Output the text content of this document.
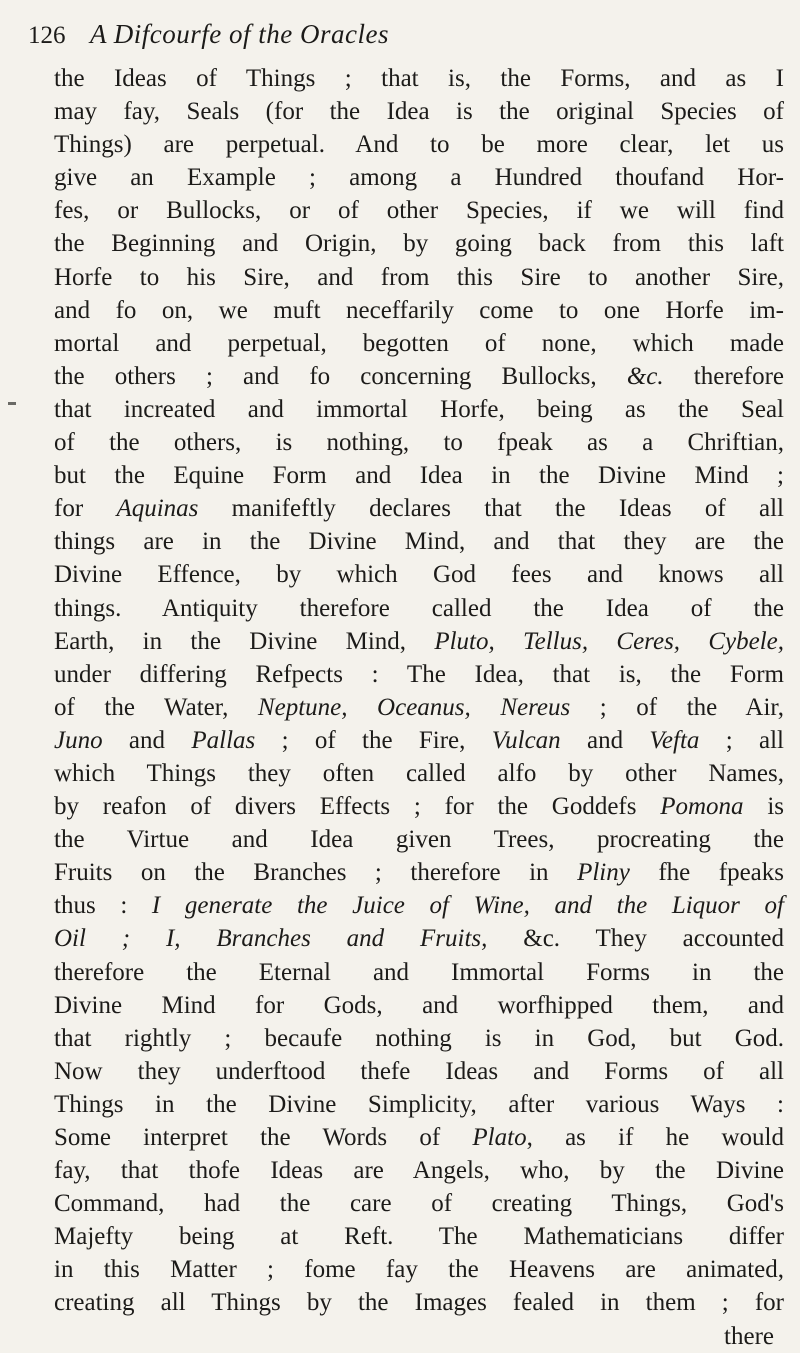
126 A Difcourfe of the Oracles
the Ideas of Things ; that is, the Forms, and as I
may fay, Seals (for the Idea is the original Species of
Things) are perpetual. And to be more clear, let us
give an Example ; among a Hundred thoufand Hor-
fes, or Bullocks, or of other Species, if we will find
the Beginning and Origin, by going back from this laft
Horfe to his Sire, and from this Sire to another Sire,
and fo on, we muft neceffarily come to one Horfe im-
mortal and perpetual, begotten of none, which made
the others ; and fo concerning Bullocks, &c. therefore
that increated and immortal Horfe, being as the Seal
of the others, is nothing, to fpeak as a Chriftian,
but the Equine Form and Idea in the Divine Mind ;
for Aquinas manifeftly declares that the Ideas of all
things are in the Divine Mind, and that they are the
Divine Effence, by which God fees and knows all
things. Antiquity therefore called the Idea of the
Earth, in the Divine Mind, Pluto, Tellus, Ceres, Cybele,
under differing Refpects : The Idea, that is, the Form
of the Water, Neptune, Oceanus, Nereus ; of the Air,
Juno and Pallas ; of the Fire, Vulcan and Vefta ; all
which Things they often called alfo by other Names,
by reafon of divers Effects ; for the Goddefs Pomona is
the Virtue and Idea given Trees, procreating the
Fruits on the Branches ; therefore in Pliny fhe fpeaks
thus : I generate the Juice of Wine, and the Liquor of
Oil ; I, Branches and Fruits, &c. They accounted
therefore the Eternal and Immortal Forms in the
Divine Mind for Gods, and worfhipped them, and
that rightly ; becaufe nothing is in God, but God.
Now they underftood thefe Ideas and Forms of all
Things in the Divine Simplicity, after various Ways :
Some interpret the Words of Plato, as if he would
fay, that thofe Ideas are Angels, who, by the Divine
Command, had the care of creating Things, God's
Majefty being at Reft. The Mathematicians differ
in this Matter ; fome fay the Heavens are animated,
creating all Things by the Images fealed in them ; for
there
